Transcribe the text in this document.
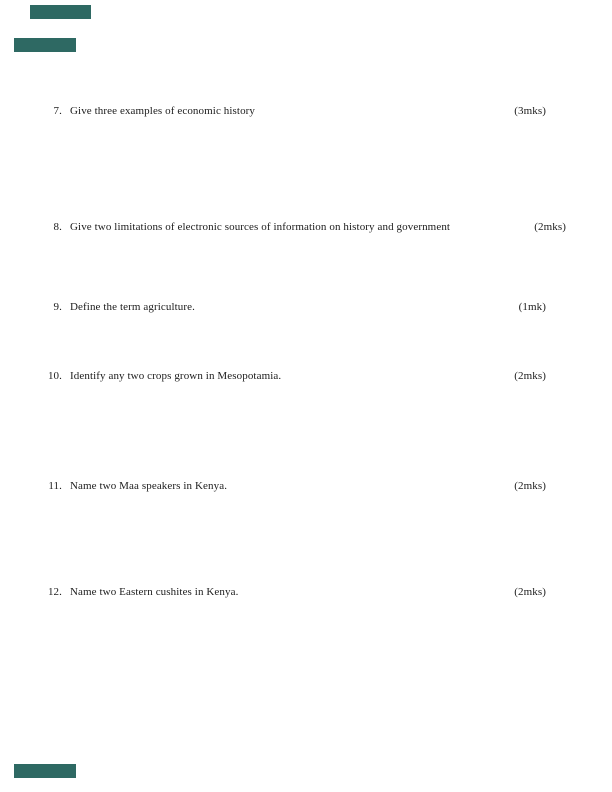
7. Give three examples of economic history	(3mks)
8. Give two limitations of electronic sources of information on history and government	(2mks)
9. Define the term agriculture.	(1mk)
10. Identify any two crops grown in Mesopotamia.	(2mks)
11. Name two Maa speakers in Kenya.	(2mks)
12. Name two Eastern cushites in Kenya.	(2mks)
